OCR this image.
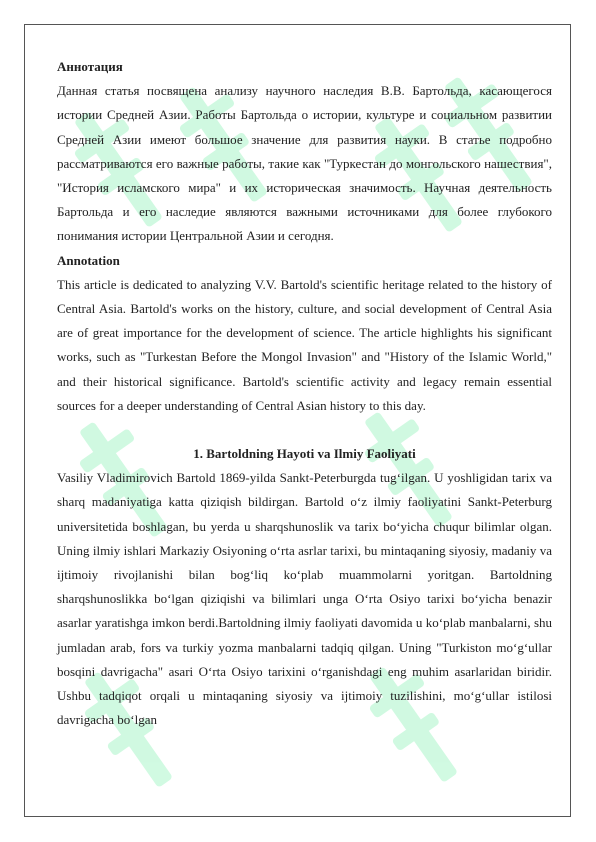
Аннотация

Данная статья посвящена анализу научного наследия В.В. Бартольда, касающегося истории Средней Азии. Работы Бартольда о истории, культуре и социальном развитии Средней Азии имеют большое значение для развития науки. В статье подробно рассматриваются его важные работы, такие как "Туркестан до монгольского нашествия", "История исламского мира" и их историческая значимость. Научная деятельность Бартольда и его наследие являются важными источниками для более глубокого понимания истории Центральной Азии и сегодня.

Annotation

This article is dedicated to analyzing V.V. Bartold's scientific heritage related to the history of Central Asia. Bartold's works on the history, culture, and social development of Central Asia are of great importance for the development of science. The article highlights his significant works, such as "Turkestan Before the Mongol Invasion" and "History of the Islamic World," and their historical significance. Bartold's scientific activity and legacy remain essential sources for a deeper understanding of Central Asian history to this day.

1. Bartoldning Hayoti va Ilmiy Faoliyati

Vasiliy Vladimirovich Bartold 1869-yilda Sankt-Peterburgda tug‘ilgan. U yoshligidan tarix va sharq madaniyatiga katta qiziqish bildirgan. Bartold o‘z ilmiy faoliyatini Sankt-Peterburg universitetida boshlagan, bu yerda u sharqshunoslik va tarix bo‘yicha chuqur bilimlar olgan. Uning ilmiy ishlari Markaziy Osiyoning o‘rta asrlar tarixi, bu mintaqaning siyosiy, madaniy va ijtimoiy rivojlanishi bilan bog‘liq ko‘plab muammolarni yoritgan. Bartoldning sharqshunoslikka bo‘lgan qiziqishi va bilimlari unga O‘rta Osiyo tarixi bo‘yicha benazir asarlar yaratishga imkon berdi.Bartoldning ilmiy faoliyati davomida u ko‘plab manbalarni, shu jumladan arab, fors va turkiy yozma manbalarni tadqiq qilgan. Uning "Turkiston mo‘g‘ullar bosqini davrigacha" asari O‘rta Osiyo tarixini o‘rganishdagi eng muhim asarlaridan biridir. Ushbu tadqiqot orqali u mintaqaning siyosiy va ijtimoiy tuzilishini, mo‘g‘ullar istilosi davrigacha bo‘lgan
